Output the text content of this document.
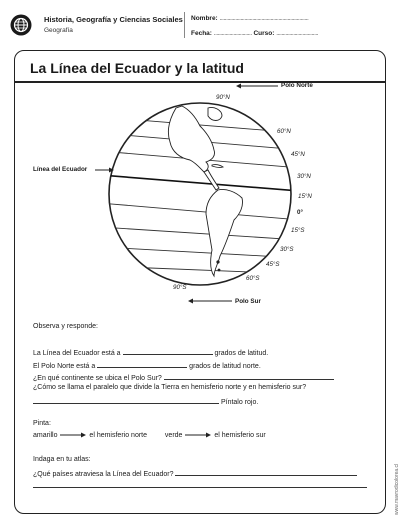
Historia, Geografía y Ciencias Sociales
Geografía
Nombre: ....................................................................
Fecha: ............................. Curso: ................................
La Línea del Ecuador y la latitud
Polo Norte
Línea del Ecuador
Polo Sur
90°N
60°N
45°N
30°N
15°N
0°
15°S
30°S
45°S
60°S
90°S
Observa y responde:
La Línea del Ecuador está a	grados de latitud.
El Polo Norte está a	grados de latitud norte.
¿En qué continente se ubica el Polo Sur?
¿Cómo se llama el paralelo que divide la Tierra en hemisferio norte y en hemisferio sur?
Píntalo rojo.
Pinta:
amarillo	el hemisferio norte	verde	el hemisferio sur
Indaga en tu atlas:
¿Qué países atraviesa la Línea del Ecuador?	www.mavrodicolorea.cl
